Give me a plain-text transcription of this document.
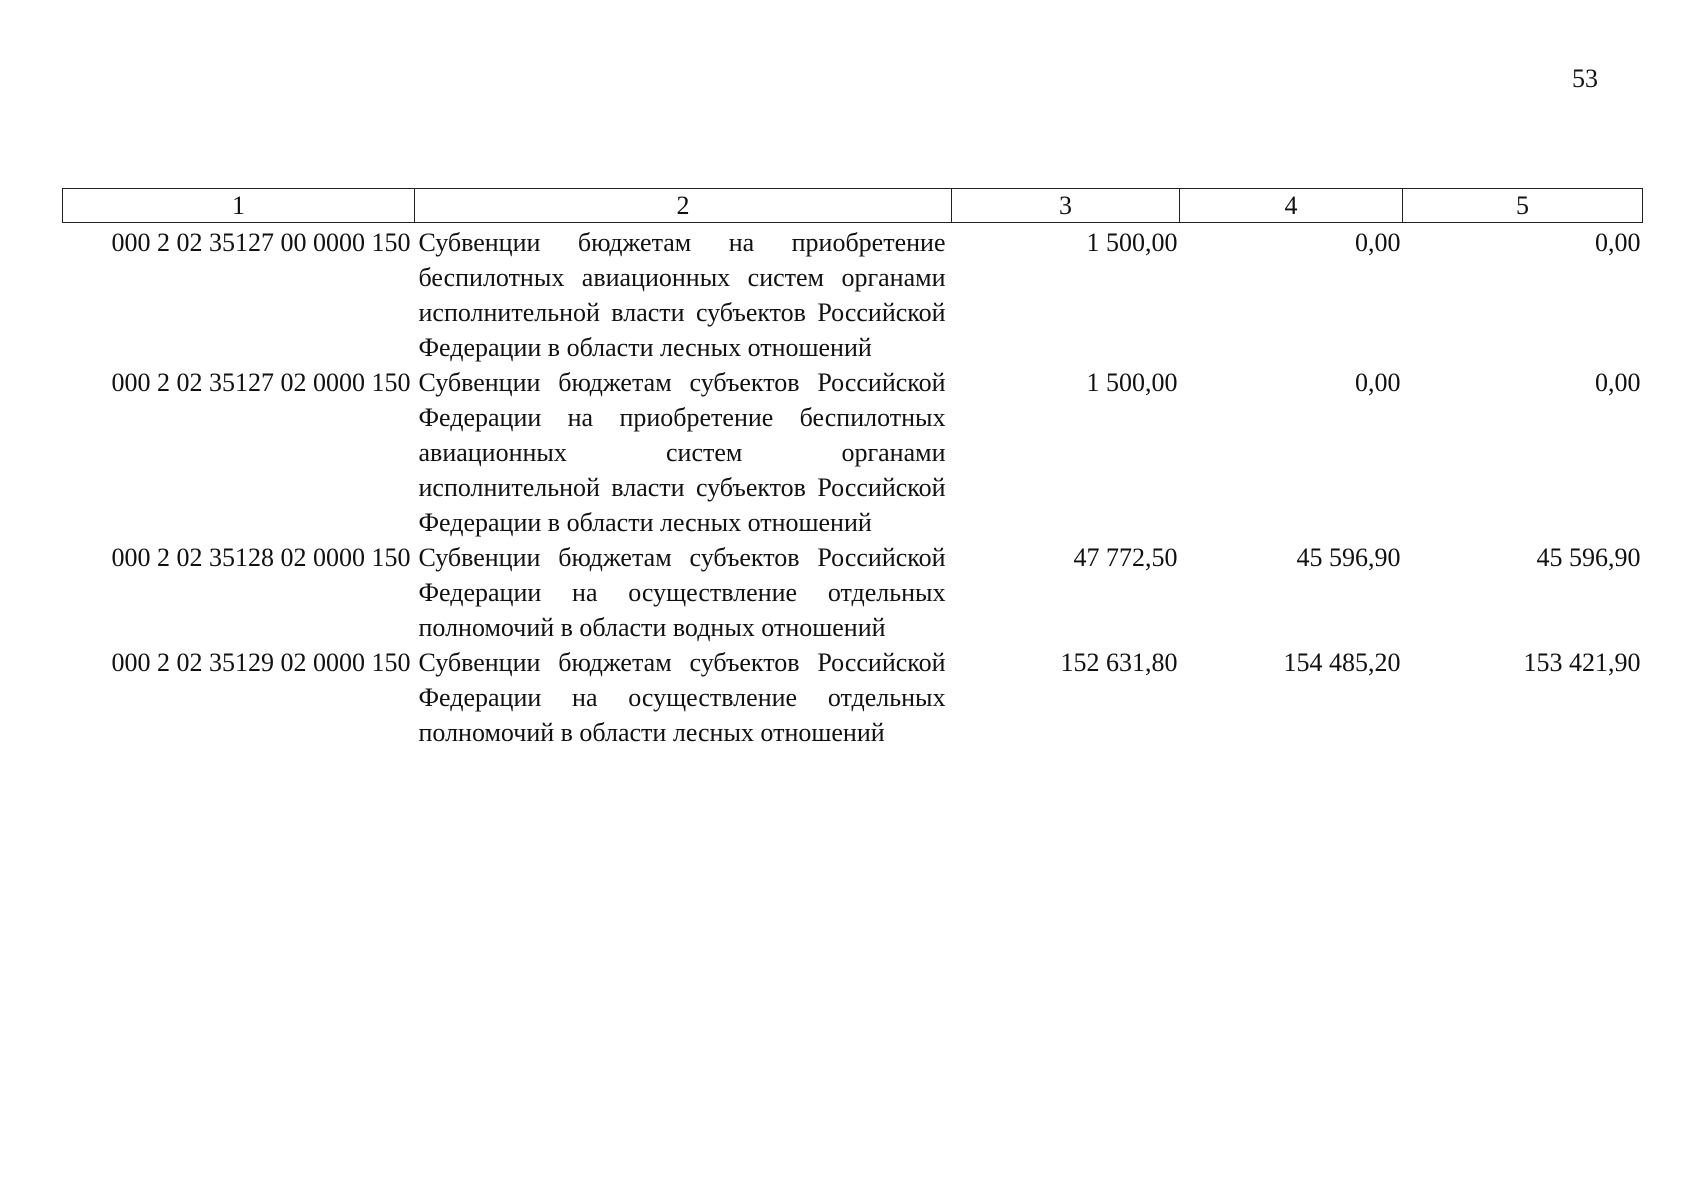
53
1	2	3	4	5
000 2 02 35127 00 0000 150	Субвенции бюджетам на приобретение беспилотных авиационных систем органами исполнительной власти субъектов Российской Федерации в области лесных отношений	1 500,00	0,00	0,00
000 2 02 35127 02 0000 150	Субвенции бюджетам субъектов Российской Федерации на приобретение беспилотных авиационных систем органами исполнительной власти субъектов Российской Федерации в области лесных отношений	1 500,00	0,00	0,00
000 2 02 35128 02 0000 150	Субвенции бюджетам субъектов Российской Федерации на осуществление отдельных полномочий в области водных отношений	47 772,50	45 596,90	45 596,90
000 2 02 35129 02 0000 150	Субвенции бюджетам субъектов Российской Федерации на осуществление отдельных полномочий в области лесных отношений	152 631,80	154 485,20	153 421,90
